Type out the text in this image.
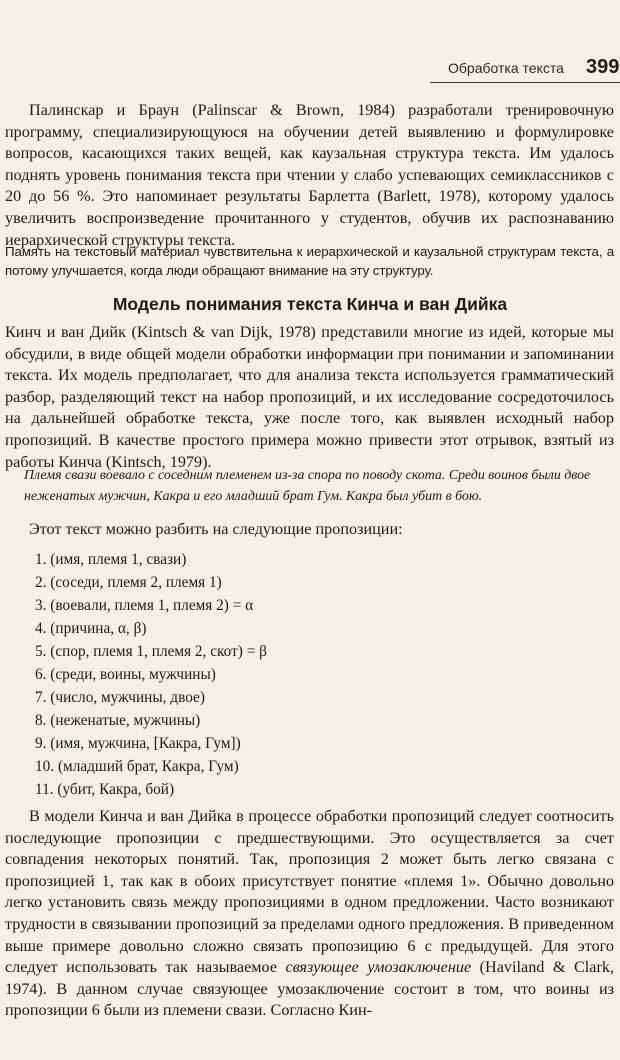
Обработка текста 399

Палинскар и Браун (Palinscar & Brown, 1984) разработали тренировочную программу, специализирующуюся на обучении детей выявлению и формулировке вопросов, касающихся таких вещей, как каузальная структура текста. Им удалось поднять уровень понимания текста при чтении у слабо успевающих семиклассников с 20 до 56 %. Это напоминает результаты Барлетта (Barlett, 1978), которому удалось увеличить воспроизведение прочитанного у студентов, обучив их распознаванию иерархической структуры текста.

Память на текстовый материал чувствительна к иерархической и каузальной структурам текста, а потому улучшается, когда люди обращают внимание на эту структуру.

Модель понимания текста Кинча и ван Дийка

Кинч и ван Дийк (Kintsch & van Dijk, 1978) представили многие из идей, которые мы обсудили, в виде общей модели обработки информации при понимании и запоминании текста. Их модель предполагает, что для анализа текста используется грамматический разбор, разделяющий текст на набор пропозиций, и их исследование сосредоточилось на дальнейшей обработке текста, уже после того, как выявлен исходный набор пропозиций. В качестве простого примера можно привести этот отрывок, взятый из работы Кинча (Kintsch, 1979).

Племя свази воевало с соседним племенем из-за спора по поводу скота. Среди воинов были двое неженатых мужчин, Какра и его младший брат Гум. Какра был убит в бою.

Этот текст можно разбить на следующие пропозиции:

1. (имя, племя 1, свази)
2. (соседи, племя 2, племя 1)
3. (воевали, племя 1, племя 2) = α
4. (причина, α, β)
5. (спор, племя 1, племя 2, скот) = β
6. (среди, воины, мужчины)
7. (число, мужчины, двое)
8. (неженатые, мужчины)
9. (имя, мужчина, [Какра, Гум])
10. (младший брат, Какра, Гум)
11. (убит, Какра, бой)

В модели Кинча и ван Дийка в процессе обработки пропозиций следует соотносить последующие пропозиции с предшествующими. Это осуществляется за счет совпадения некоторых понятий. Так, пропозиция 2 может быть легко связана с пропозицией 1, так как в обоих присутствует понятие «племя 1». Обычно довольно легко установить связь между пропозициями в одном предложении. Часто возникают трудности в связывании пропозиций за пределами одного предложения. В приведенном выше примере довольно сложно связать пропозицию 6 с предыдущей. Для этого следует использовать так называемое связующее умозаключение (Haviland & Clark, 1974). В данном случае связующее умозаключение состоит в том, что воины из пропозиции 6 были из племени свази. Согласно Кин-
